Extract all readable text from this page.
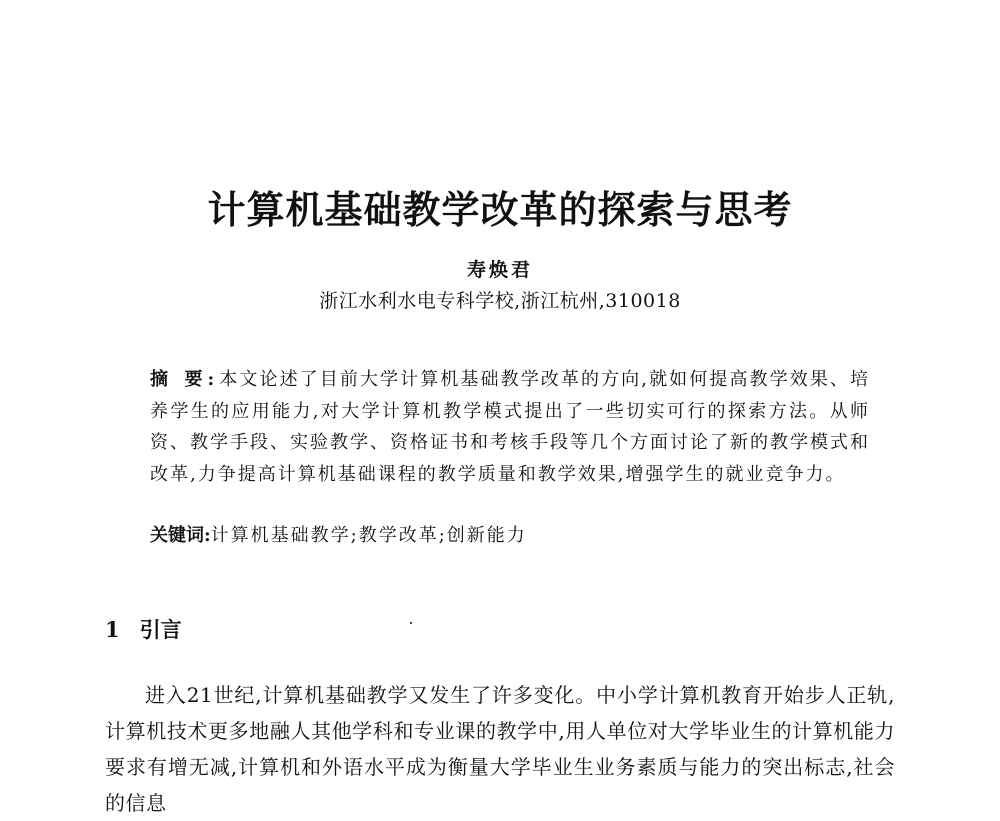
计算机基础教学改革的探索与思考
寿焕君
浙江水利水电专科学校,浙江杭州,310018
摘 要:本文论述了目前大学计算机基础教学改革的方向,就如何提高教学效果、培养学生的应用能力,对大学计算机教学模式提出了一些切实可行的探索方法。从师资、教学手段、实验教学、资格证书和考核手段等几个方面讨论了新的教学模式和改革,力争提高计算机基础课程的教学质量和教学效果,增强学生的就业竞争力。
关键词:计算机基础教学;教学改革;创新能力
1 引言
进入21世纪,计算机基础教学又发生了许多变化。中小学计算机教育开始步人正轨,计算机技术更多地融人其他学科和专业课的教学中,用人单位对大学毕业生的计算机能力要求有增无减,计算机和外语水平成为衡量大学毕业生业务素质与能力的突出标志,社会的信息
